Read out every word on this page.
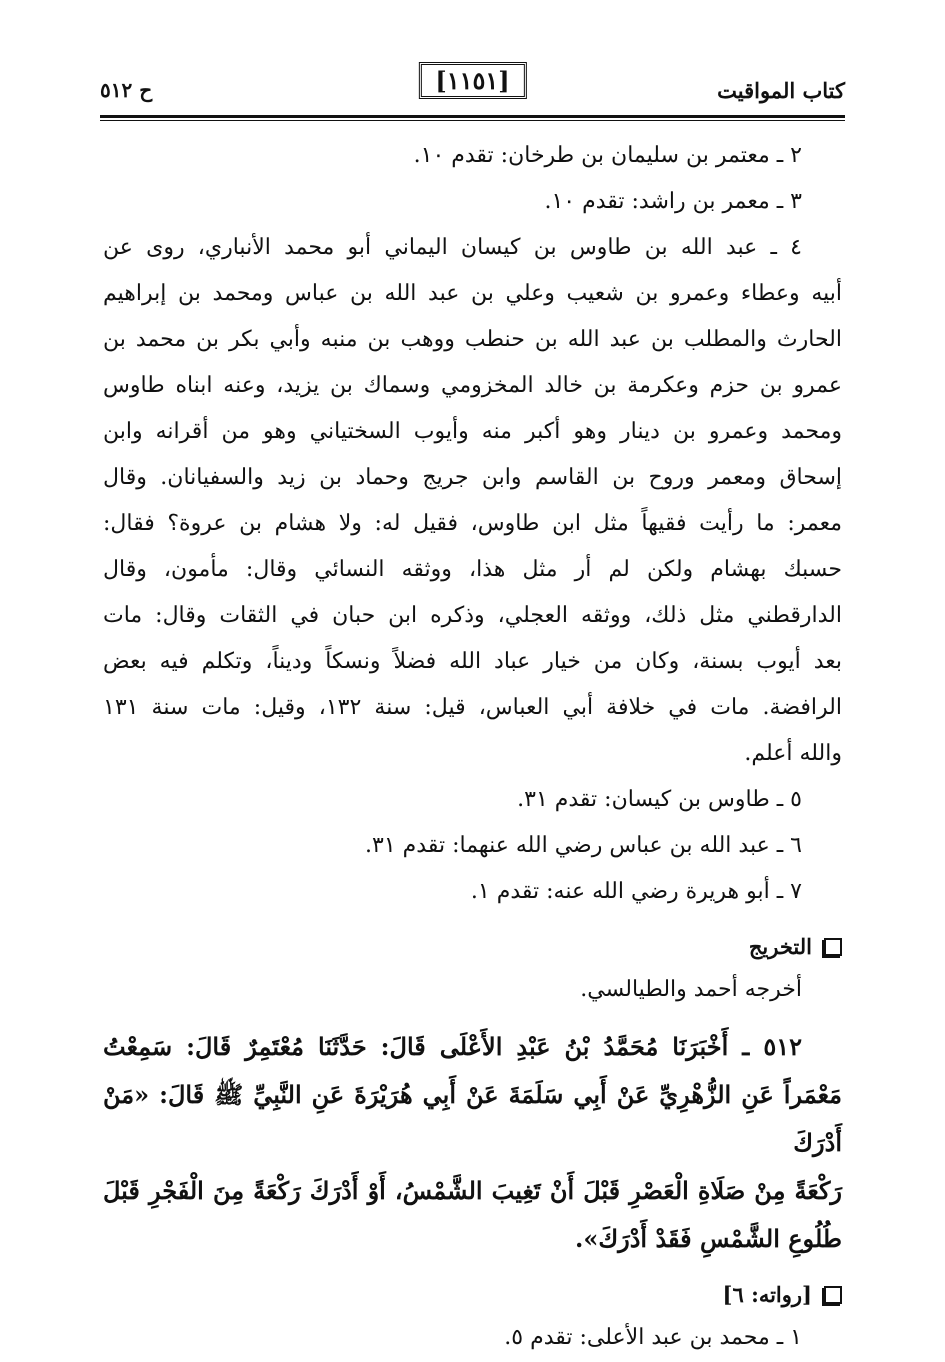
كتاب المواقيت
[١١٥١]
ح ٥١٢

٢ ـ معتمر بن سليمان بن طرخان: تقدم ١٠.

٣ ـ معمر بن راشد: تقدم ١٠.

٤ ـ عبد الله بن طاوس بن كيسان اليماني أبو محمد الأنباري، روى عن

أبيه وعطاء وعمرو بن شعيب وعلي بن عبد الله بن عباس ومحمد بن إبراهيم

الحارث والمطلب بن عبد الله بن حنطب ووهب بن منبه وأبي بكر بن محمد بن

عمرو بن حزم وعكرمة بن خالد المخزومي وسماك بن يزيد، وعنه ابناه طاوس

ومحمد وعمرو بن دينار وهو أكبر منه وأيوب السختياني وهو من أقرانه وابن

إسحاق ومعمر وروح بن القاسم وابن جريج وحماد بن زيد والسفيانان. وقال

معمر: ما رأيت فقيهاً مثل ابن طاوس، فقيل له: ولا هشام بن عروة؟ فقال:

حسبك بهشام ولكن لم أر مثل هذا، ووثقه النسائي وقال: مأمون، وقال

الدارقطني مثل ذلك، ووثقه العجلي، وذكره ابن حبان في الثقات وقال: مات

بعد أيوب بسنة، وكان من خيار عباد الله فضلاً ونسكاً وديناً، وتكلم فيه بعض

الرافضة. مات في خلافة أبي العباس، قيل: سنة ١٣٢، وقيل: مات سنة ١٣١

والله أعلم.

٥ ـ طاوس بن كيسان: تقدم ٣١.

٦ ـ عبد الله بن عباس رضي الله عنهما: تقدم ٣١.

٧ ـ أبو هريرة رضي الله عنه: تقدم ١.

التخريج

أخرجه أحمد والطيالسي.

٥١٢ ـ أَخْبَرَنَا مُحَمَّدُ بْنُ عَبْدِ الأَعْلَى قَالَ: حَدَّثَنَا مُعْتَمِرٌ قَالَ: سَمِعْتُ

مَعْمَراً عَنِ الزُّهْرِيِّ عَنْ أَبِي سَلَمَةَ عَنْ أَبِي هُرَيْرَةَ عَنِ النَّبِيِّ ﷺ قَالَ: «مَنْ أَدْرَكَ

رَكْعَةً مِنْ صَلَاةِ الْعَصْرِ قَبْلَ أَنْ تَغِيبَ الشَّمْسُ، أَوْ أَدْرَكَ رَكْعَةً مِنَ الْفَجْرِ قَبْلَ

طُلُوعِ الشَّمْسِ فَقَدْ أَدْرَكَ».

[رواته: ٦]

١ ـ محمد بن عبد الأعلى: تقدم ٥.
